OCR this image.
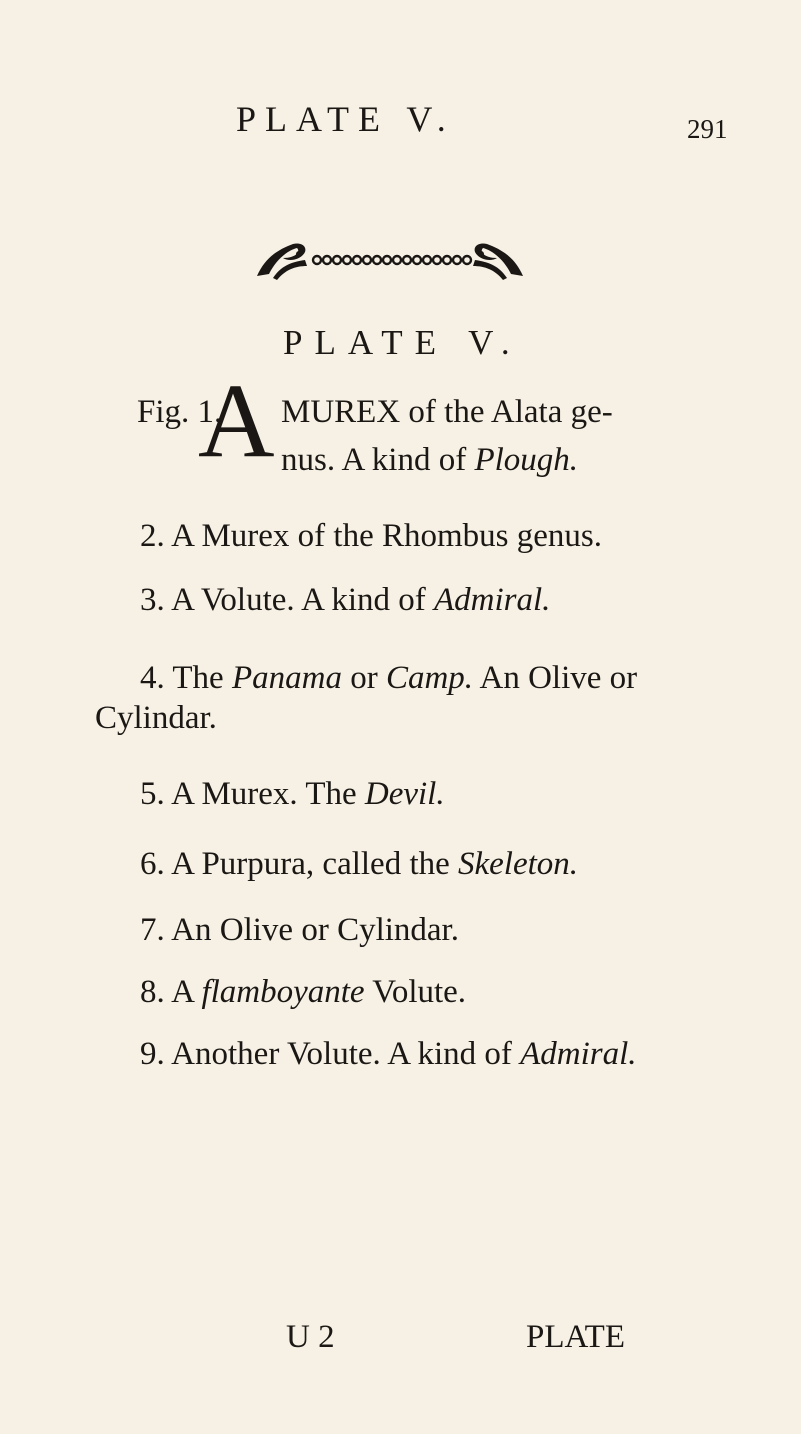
PLATE V.	291
PLATE V.
Fig. 1.
A MUREX of the Alata ge-
nus. A kind of Plough.
2. A Murex of the Rhombus genus.
3. A Volute. A kind of Admiral.
4. The Panama or Camp. An Olive or
Cylindar.
5. A Murex. The Devil.
6. A Purpura, called the Skeleton.
7. An Olive or Cylindar.
8. A flamboyante Volute.
9. Another Volute. A kind of Admiral.
U 2	PLATE
